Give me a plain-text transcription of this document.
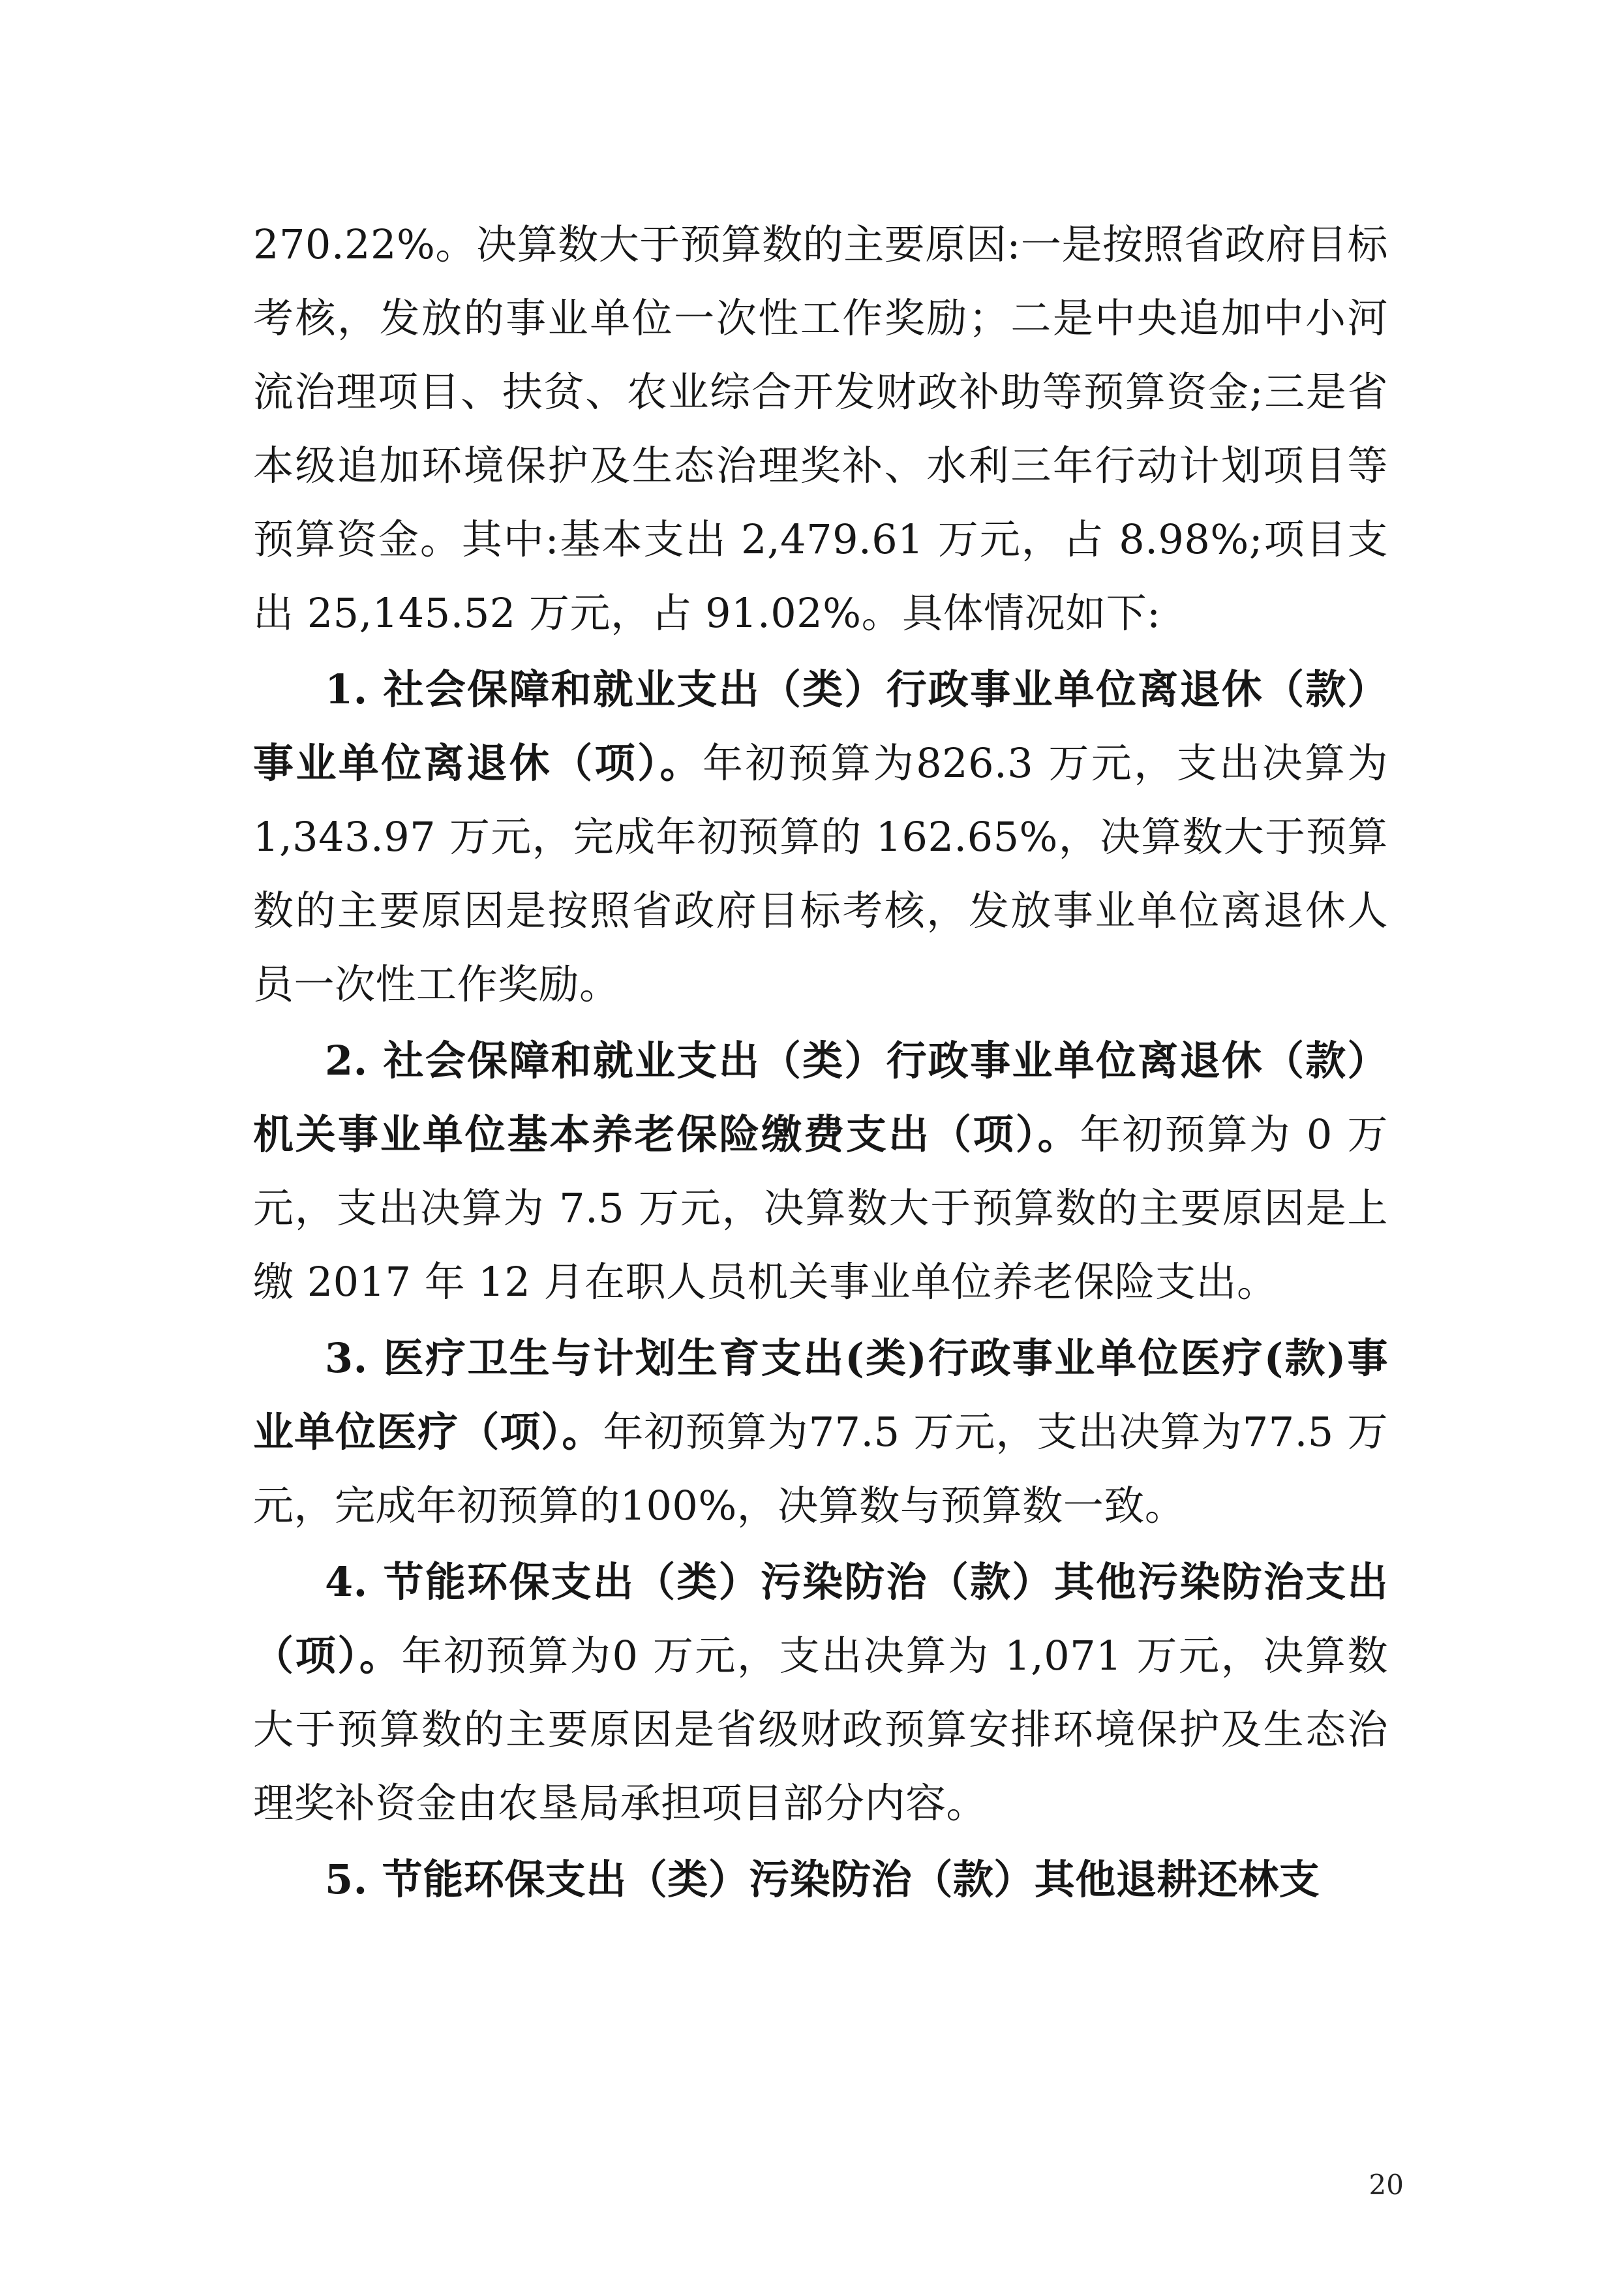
270.22%。决算数大于预算数的主要原因:一是按照省政府目标考核，发放的事业单位一次性工作奖励；二是中央追加中小河流治理项目、扶贫、农业综合开发财政补助等预算资金;三是省本级追加环境保护及生态治理奖补、水利三年行动计划项目等预算资金。其中:基本支出 2,479.61 万元，占 8.98%;项目支出 25,145.52 万元，占 91.02%。具体情况如下:
1. 社会保障和就业支出（类）行政事业单位离退休（款）事业单位离退休（项）。年初预算为826.3 万元，支出决算为 1,343.97 万元，完成年初预算的 162.65%，决算数大于预算数的主要原因是按照省政府目标考核，发放事业单位离退休人员一次性工作奖励。
2. 社会保障和就业支出（类）行政事业单位离退休（款）机关事业单位基本养老保险缴费支出（项）。年初预算为 0 万元，支出决算为 7.5 万元，决算数大于预算数的主要原因是上缴 2017 年 12 月在职人员机关事业单位养老保险支出。
3. 医疗卫生与计划生育支出(类)行政事业单位医疗(款)事业单位医疗（项）。年初预算为77.5 万元，支出决算为77.5 万元，完成年初预算的100%，决算数与预算数一致。
4. 节能环保支出（类）污染防治（款）其他污染防治支出（项）。年初预算为0 万元，支出决算为 1,071 万元，决算数大于预算数的主要原因是省级财政预算安排环境保护及生态治理奖补资金由农垦局承担项目部分内容。
5. 节能环保支出（类）污染防治（款）其他退耕还林支
20
